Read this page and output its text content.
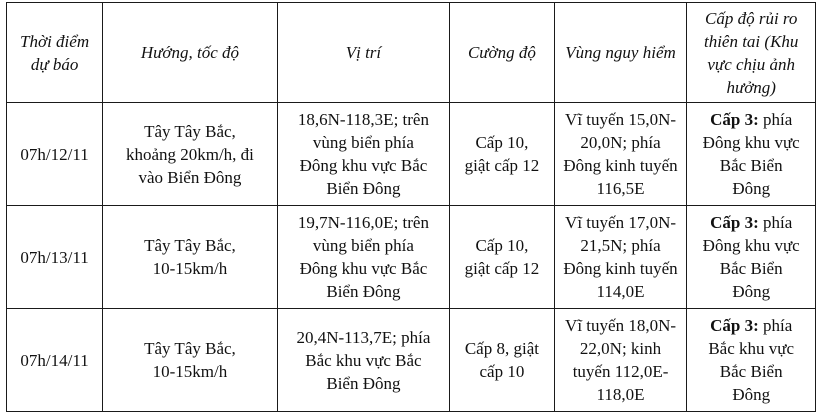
Thời điểm
dự báo	Hướng, tốc độ	Vị trí	Cường độ	Vùng nguy hiểm	Cấp độ rủi ro
thiên tai (Khu
vực chịu ảnh
hưởng)

07h/12/11	Tây Tây Bắc,
khoảng 20km/h, đi
vào Biển Đông	18,6N-118,3E; trên
vùng biển phía
Đông khu vực Bắc
Biển Đông	Cấp 10,
giật cấp 12	Vĩ tuyến 15,0N-
20,0N; phía
Đông kinh tuyến
116,5E	Cấp 3: phía
Đông khu vực
Bắc Biển
Đông

07h/13/11	Tây Tây Bắc,
10-15km/h	19,7N-116,0E; trên
vùng biển phía
Đông khu vực Bắc
Biển Đông	Cấp 10,
giật cấp 12	Vĩ tuyến 17,0N-
21,5N; phía
Đông kinh tuyến
114,0E	Cấp 3: phía
Đông khu vực
Bắc Biển
Đông

07h/14/11	Tây Tây Bắc,
10-15km/h	20,4N-113,7E; phía
Bắc khu vực Bắc
Biển Đông	Cấp 8, giật
cấp 10	Vĩ tuyến 18,0N-
22,0N; kinh
tuyến 112,0E-
118,0E	Cấp 3: phía
Bắc khu vực
Bắc Biển
Đông
